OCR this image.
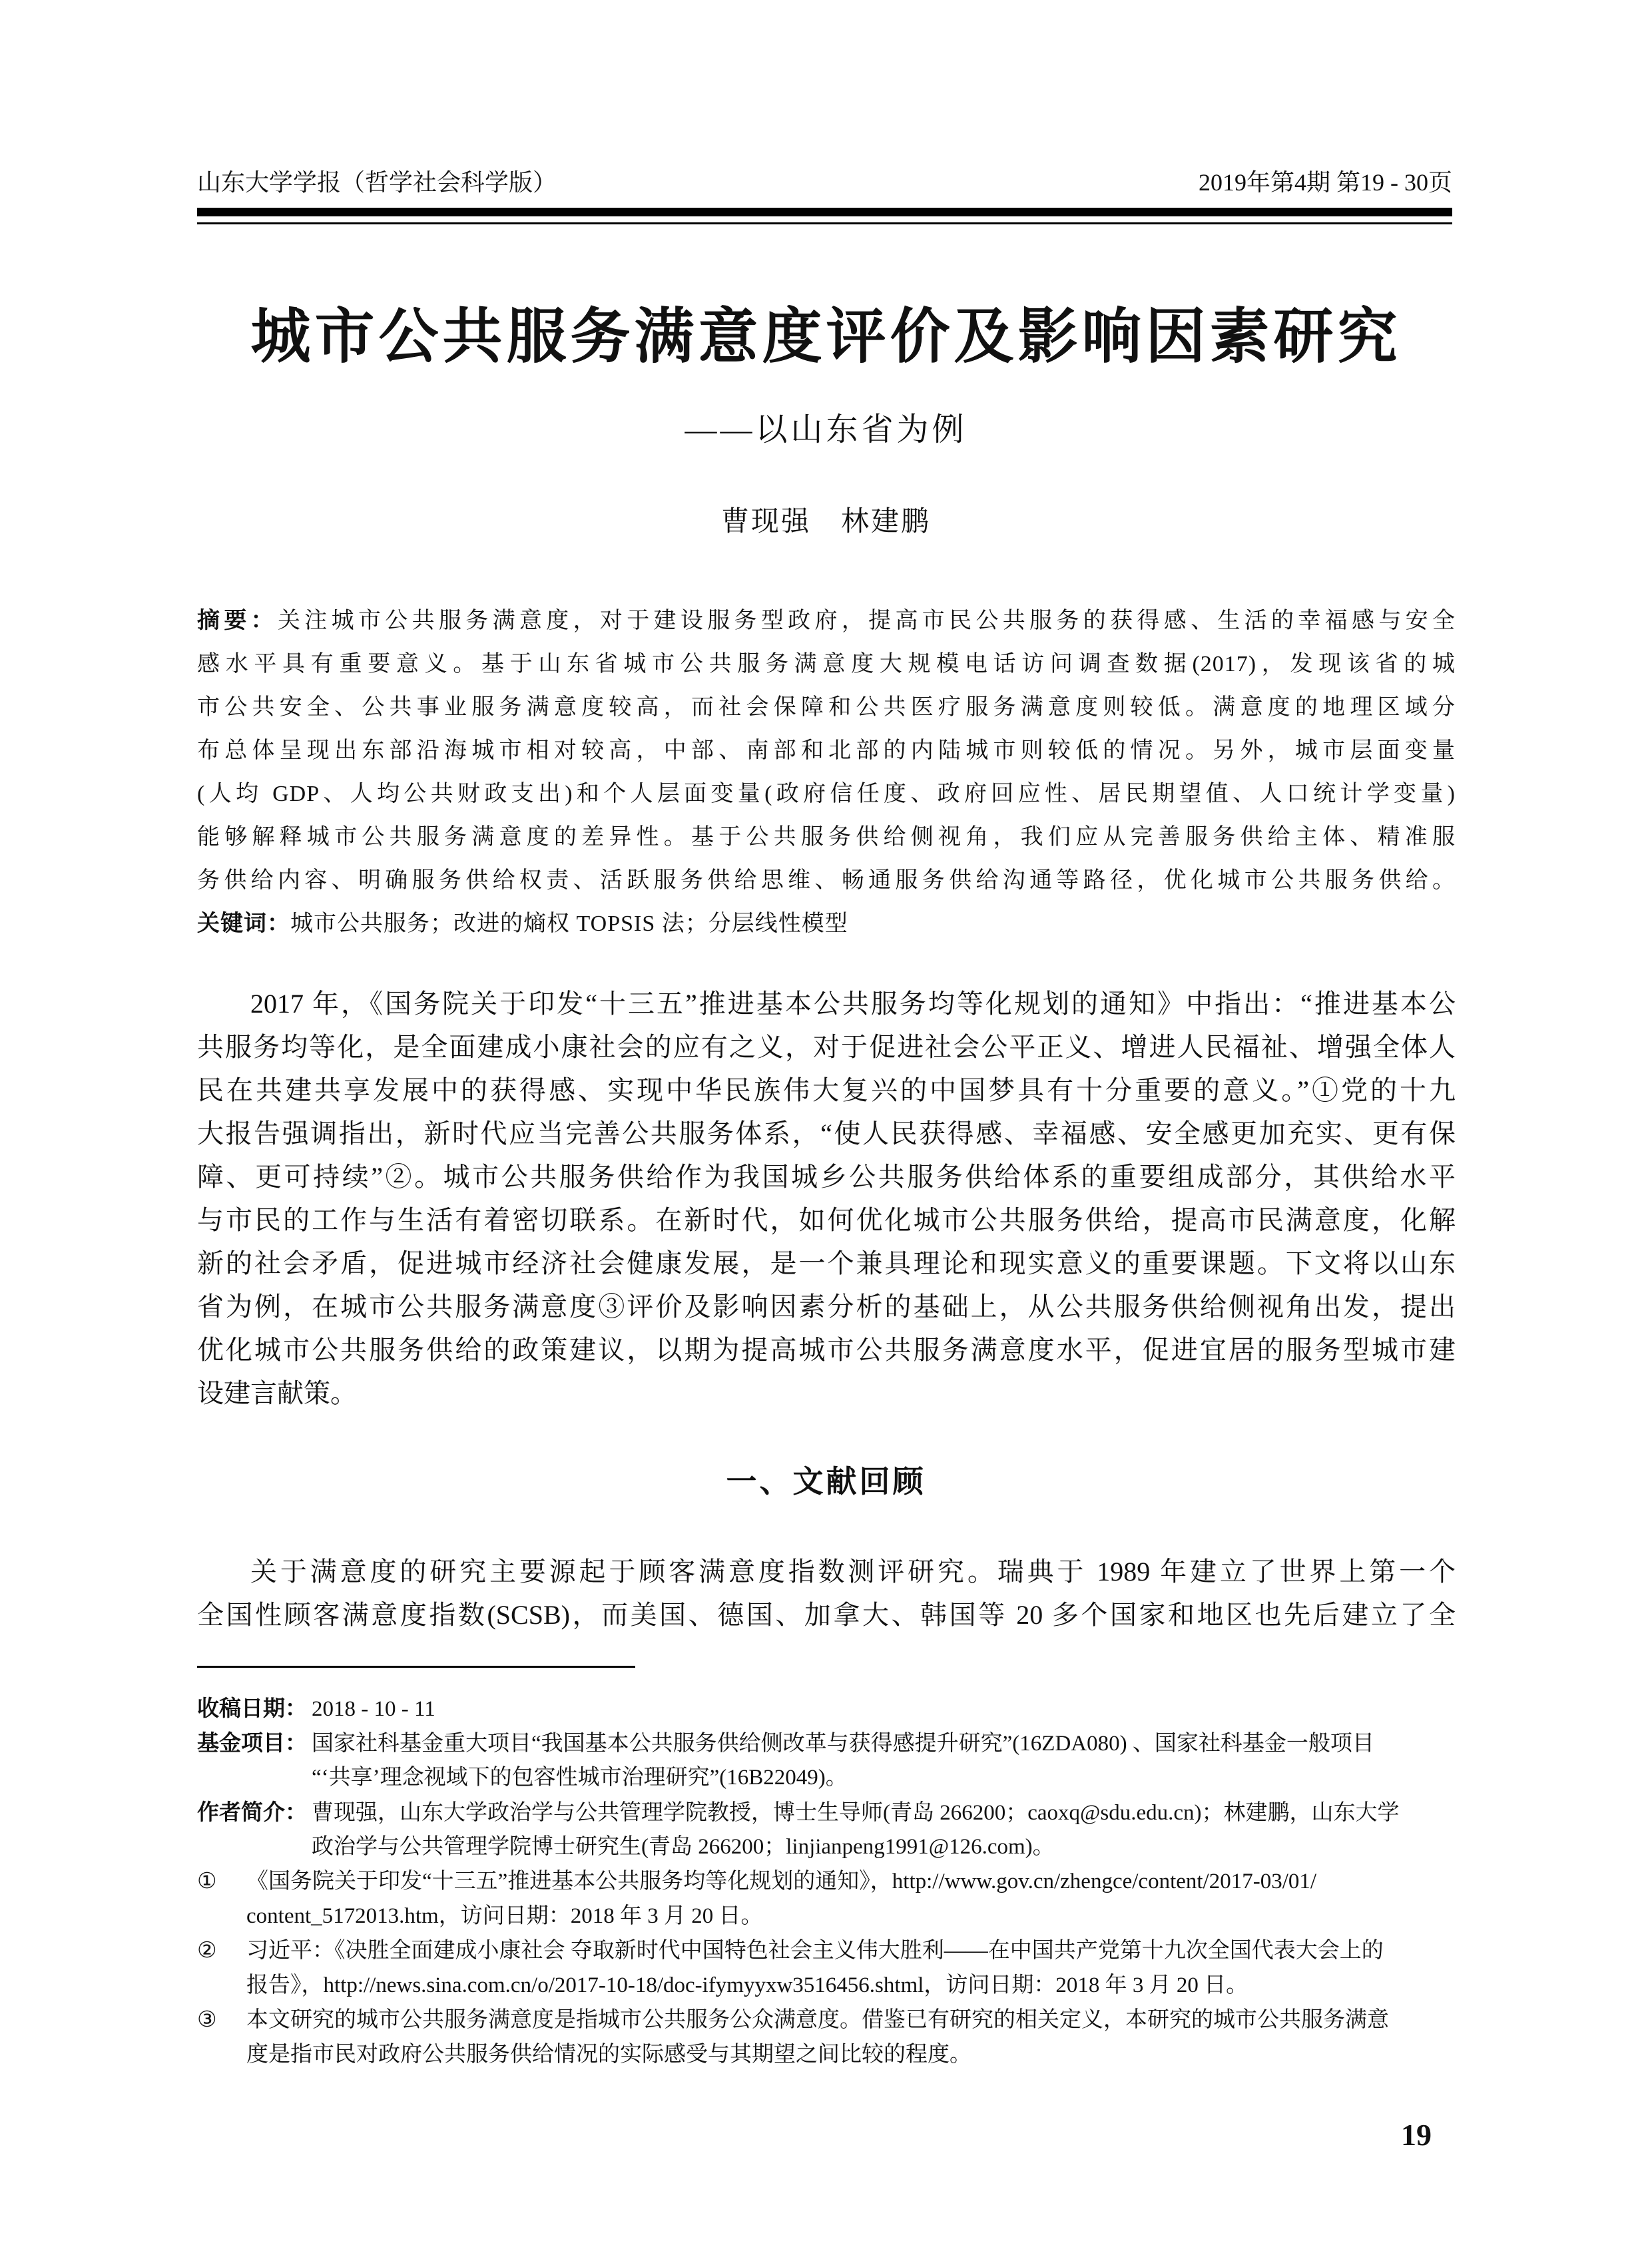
山东大学学报（哲学社会科学版）	2019年第4期 第19 - 30页
城市公共服务满意度评价及影响因素研究
——以山东省为例
曹现强　林建鹏
摘要：关注城市公共服务满意度，对于建设服务型政府，提高市民公共服务的获得感、生活的幸福感与安全
感水平具有重要意义。基于山东省城市公共服务满意度大规模电话访问调查数据(2017)，发现该省的城
市公共安全、公共事业服务满意度较高，而社会保障和公共医疗服务满意度则较低。满意度的地理区域分
布总体呈现出东部沿海城市相对较高，中部、南部和北部的内陆城市则较低的情况。另外，城市层面变量
(人均 GDP、人均公共财政支出)和个人层面变量(政府信任度、政府回应性、居民期望值、人口统计学变量)
能够解释城市公共服务满意度的差异性。基于公共服务供给侧视角，我们应从完善服务供给主体、精准服
务供给内容、明确服务供给权责、活跃服务供给思维、畅通服务供给沟通等路径，优化城市公共服务供给。
关键词：城市公共服务；改进的熵权 TOPSIS 法；分层线性模型
2017 年，《国务院关于印发“十三五”推进基本公共服务均等化规划的通知》中指出：“推进基本公
共服务均等化，是全面建成小康社会的应有之义，对于促进社会公平正义、增进人民福祉、增强全体人
民在共建共享发展中的获得感、实现中华民族伟大复兴的中国梦具有十分重要的意义。”①党的十九
大报告强调指出，新时代应当完善公共服务体系，“使人民获得感、幸福感、安全感更加充实、更有保
障、更可持续”②。城市公共服务供给作为我国城乡公共服务供给体系的重要组成部分，其供给水平
与市民的工作与生活有着密切联系。在新时代，如何优化城市公共服务供给，提高市民满意度，化解
新的社会矛盾，促进城市经济社会健康发展，是一个兼具理论和现实意义的重要课题。下文将以山东
省为例，在城市公共服务满意度③评价及影响因素分析的基础上，从公共服务供给侧视角出发，提出
优化城市公共服务供给的政策建议，以期为提高城市公共服务满意度水平，促进宜居的服务型城市建
设建言献策。
一、文献回顾
关于满意度的研究主要源起于顾客满意度指数测评研究。瑞典于 1989 年建立了世界上第一个
全国性顾客满意度指数(SCSB)，而美国、德国、加拿大、韩国等 20 多个国家和地区也先后建立了全
收稿日期： 2018 - 10 - 11
基金项目： 国家社科基金重大项目“我国基本公共服务供给侧改革与获得感提升研究”(16ZDA080) 、国家社科基金一般项目
“‘共享’理念视域下的包容性城市治理研究”(16B22049)。
作者简介： 曹现强，山东大学政治学与公共管理学院教授，博士生导师(青岛 266200；caoxq@sdu.edu.cn)；林建鹏，山东大学
政治学与公共管理学院博士研究生(青岛 266200；linjianpeng1991@126.com)。
① 《国务院关于印发“十三五”推进基本公共服务均等化规划的通知》，http://www.gov.cn/zhengce/content/2017-03/01/
content_5172013.htm，访问日期：2018 年 3 月 20 日。
② 习近平：《决胜全面建成小康社会 夺取新时代中国特色社会主义伟大胜利——在中国共产党第十九次全国代表大会上的
报告》，http://news.sina.com.cn/o/2017-10-18/doc-ifymyyxw3516456.shtml，访问日期：2018 年 3 月 20 日。
③ 本文研究的城市公共服务满意度是指城市公共服务公众满意度。借鉴已有研究的相关定义，本研究的城市公共服务满意
度是指市民对政府公共服务供给情况的实际感受与其期望之间比较的程度。
19
